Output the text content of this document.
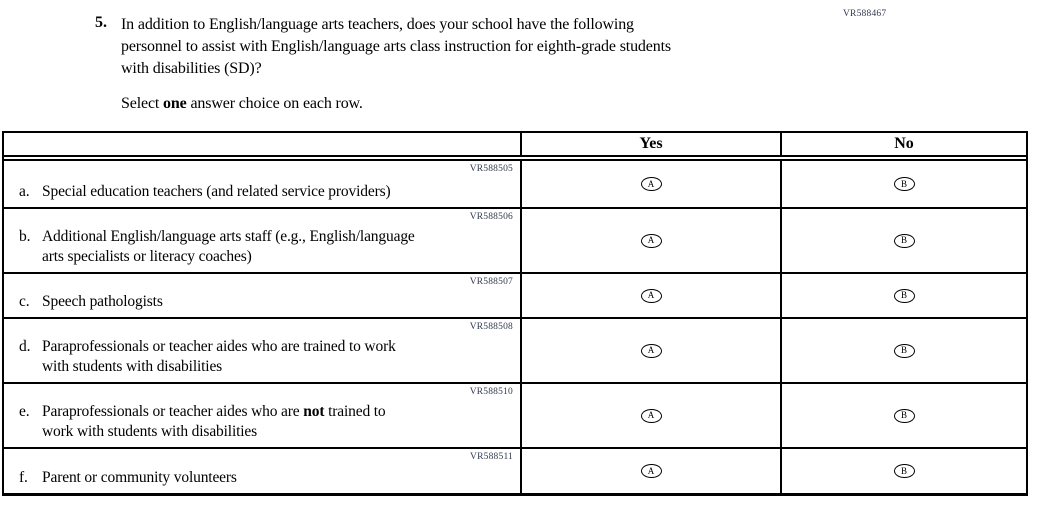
VR588467
5. In addition to English/language arts teachers, does your school have the following
personnel to assist with English/language arts class instruction for eighth-grade students
with disabilities (SD)?
Select one answer choice on each row.
Yes	No
VR588505
a. Special education teachers (and related service providers)	A	B
VR588506
b. Additional English/language arts staff (e.g., English/language
arts specialists or literacy coaches)
A	B
VR588507
c. Speech pathologists	A	B
VR588508
d. Paraprofessionals or teacher aides who are trained to work
with students with disabilities
A	B
VR588510
e. Paraprofessionals or teacher aides who are not trained to
work with students with disabilities
A	B
VR588511
f. Parent or community volunteers	A	B
